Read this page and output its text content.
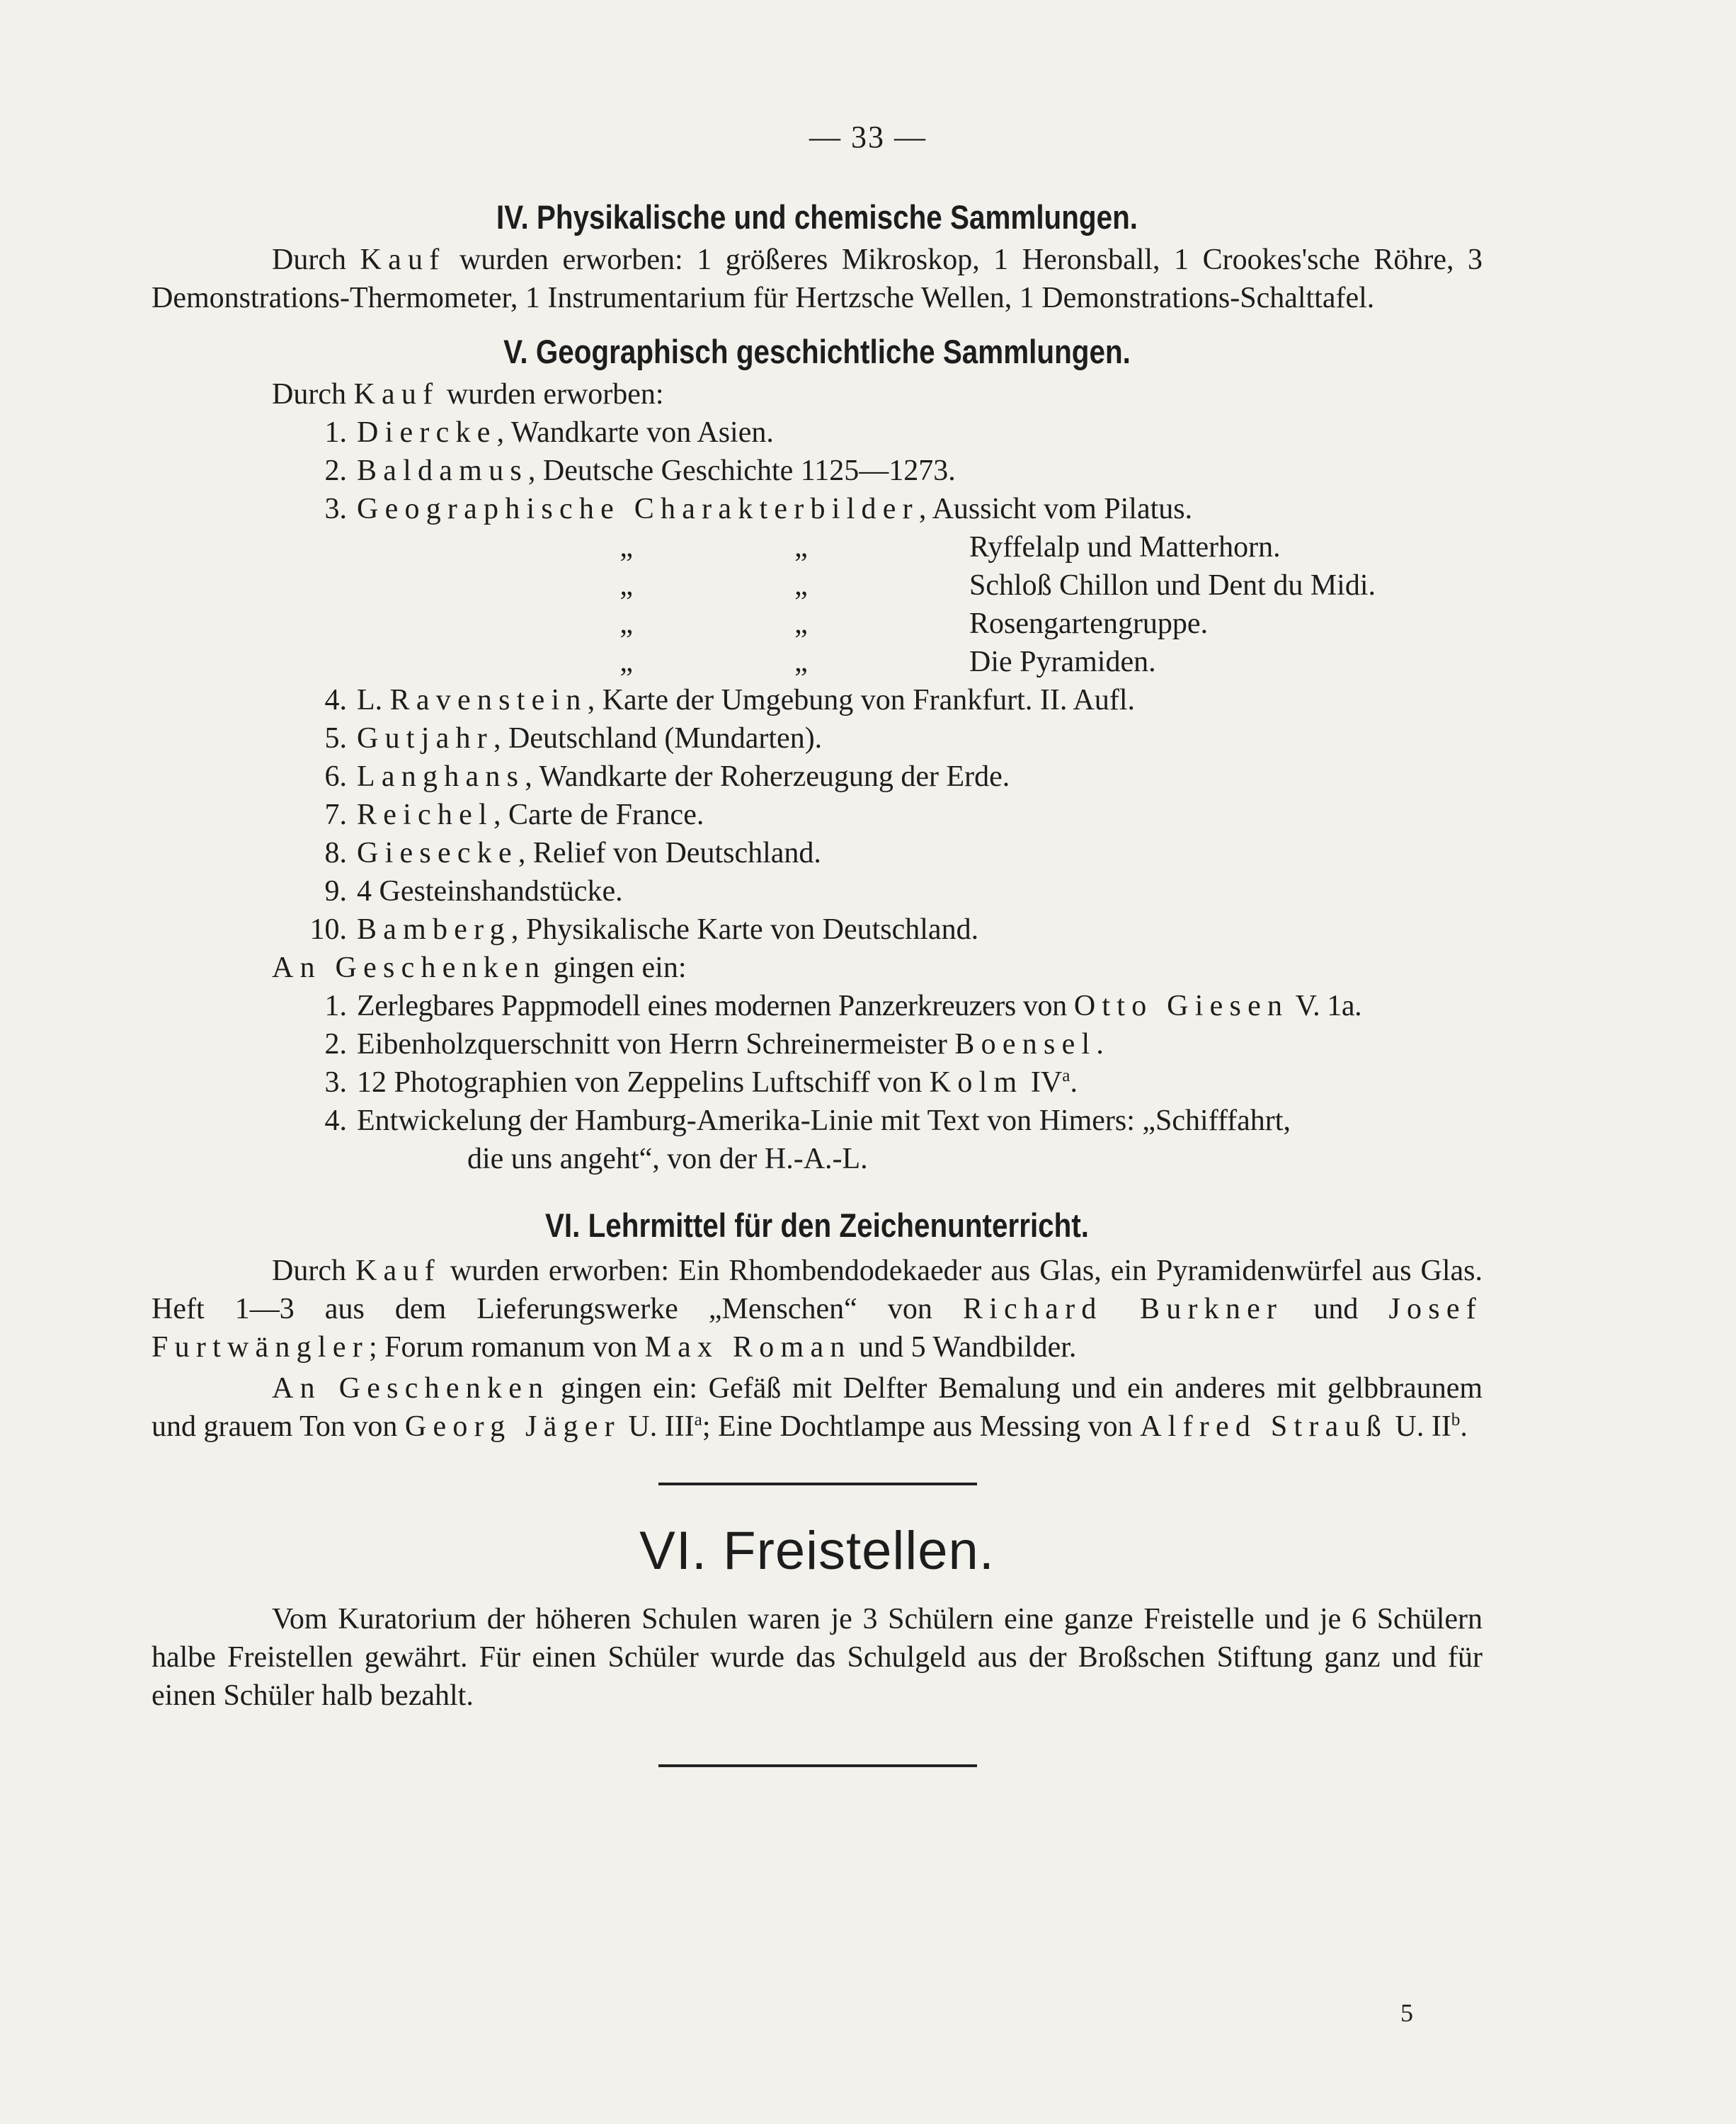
— 33 —
IV. Physikalische und chemische Sammlungen.

Durch Kauf wurden erworben: 1 größeres Mikroskop, 1 Heronsball, 1 Crookes'sche Röhre, 3 Demonstrations-Thermometer, 1 Instrumentarium für Hertzsche Wellen, 1 Demonstrations-Schalttafel.

V. Geographisch geschichtliche Sammlungen.

Durch Kauf wurden erworben:

1. Diercke, Wandkarte von Asien.
2. Baldamus, Deutsche Geschichte 1125—1273.
3. Geographische Charakterbilder, Aussicht vom Pilatus.
„	„	Ryffelalp und Matterhorn.
„	„	Schloß Chillon und Dent du Midi.
„	„	Rosengartengruppe.
„	„	Die Pyramiden.
4. L. Ravenstein, Karte der Umgebung von Frankfurt. II. Aufl.
5. Gutjahr, Deutschland (Mundarten).
6. Langhans, Wandkarte der Roherzeugung der Erde.
7. Reichel, Carte de France.
8. Giesecke, Relief von Deutschland.
9. 4 Gesteinshandstücke.
10. Bamberg, Physikalische Karte von Deutschland.

An Geschenken gingen ein:

1. Zerlegbares Pappmodell eines modernen Panzerkreuzers von Otto Giesen V. 1a.
2. Eibenholzquerschnitt von Herrn Schreinermeister Boensel.
3. 12 Photographien von Zeppelins Luftschiff von Kolm $IV^a$.
4. Entwickelung der Hamburg-Amerika-Linie mit Text von Himers: „Schifffahrt,
die uns angeht“, von der H.-A.-L.
VI. Lehrmittel für den Zeichenunterricht.

Durch Kauf wurden erworben: Ein Rhombendodekaeder aus Glas, ein Pyramidenwürfel aus Glas. Heft 1—3 aus dem Lieferungswerke „Menschen“ von Richard Burkner und Josef Furtwängler; Forum romanum von Max Roman und 5 Wandbilder.

An Geschenken gingen ein: Gefäß mit Delfter Bemalung und ein anderes mit gelbbraunem und grauem Ton von Georg Jäger U. III$^a$; Eine Dochtlampe aus Messing von Alfred Strauß U. $II^b$.

VI. Freistellen.

Vom Kuratorium der höheren Schulen waren je 3 Schülern eine ganze Freistelle und je 6 Schülern halbe Freistellen gewährt. Für einen Schüler wurde das Schulgeld aus der Broßschen Stiftung ganz und für einen Schüler halb bezahlt.

5
